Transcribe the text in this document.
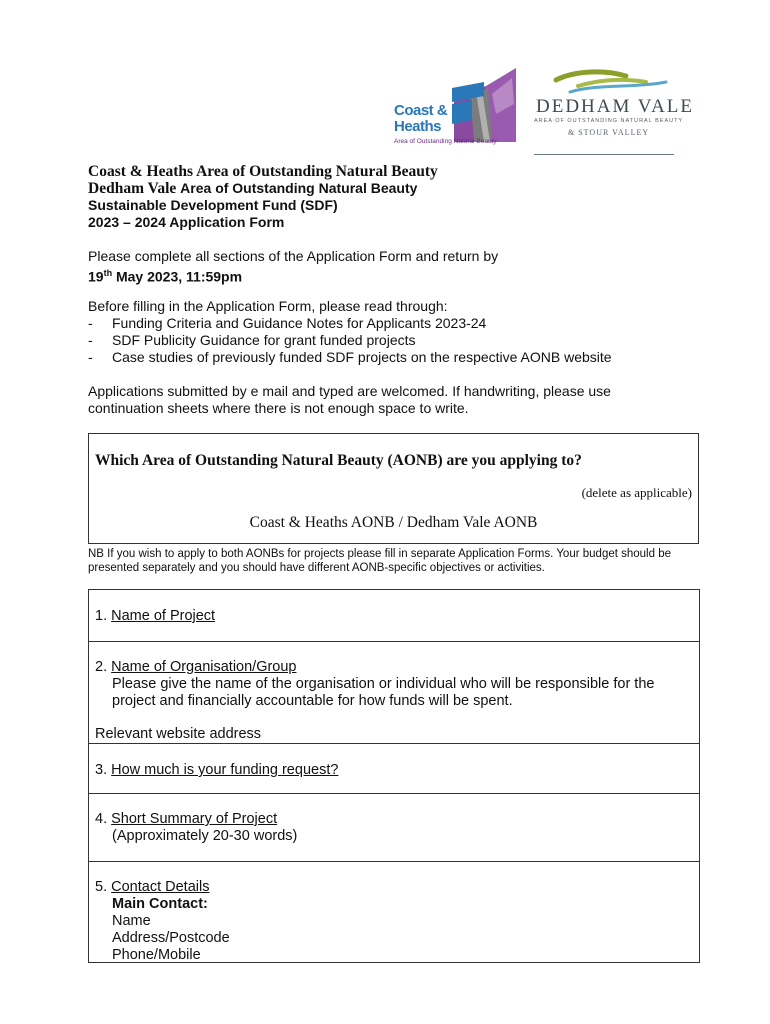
Coast &
Heaths
Area of Outstanding Natural Beauty
DEDHAM VALE
AREA OF OUTSTANDING NATURAL BEAUTY
& STOUR VALLEY
Coast & Heaths Area of Outstanding Natural Beauty
Dedham Vale Area of Outstanding Natural Beauty
Sustainable Development Fund (SDF)
2023 – 2024 Application Form
Please complete all sections of the Application Form and return by
19th May 2023, 11:59pm
Before filling in the Application Form, please read through:
- Funding Criteria and Guidance Notes for Applicants 2023-24
- SDF Publicity Guidance for grant funded projects
- Case studies of previously funded SDF projects on the respective AONB website
Applications submitted by e mail and typed are welcomed. If handwriting, please use
continuation sheets where there is not enough space to write.
Which Area of Outstanding Natural Beauty (AONB) are you applying to?
(delete as applicable)
Coast & Heaths AONB / Dedham Vale AONB
NB If you wish to apply to both AONBs for projects please fill in separate Application Forms. Your budget should be presented separately and you should have different AONB-specific objectives or activities.
1. Name of Project
2. Name of Organisation/Group
Please give the name of the organisation or individual who will be responsible for the
project and financially accountable for how funds will be spent.
Relevant website address
3. How much is your funding request?
4. Short Summary of Project
(Approximately 20-30 words)
5. Contact Details
Main Contact:
Name
Address/Postcode
Phone/Mobile
